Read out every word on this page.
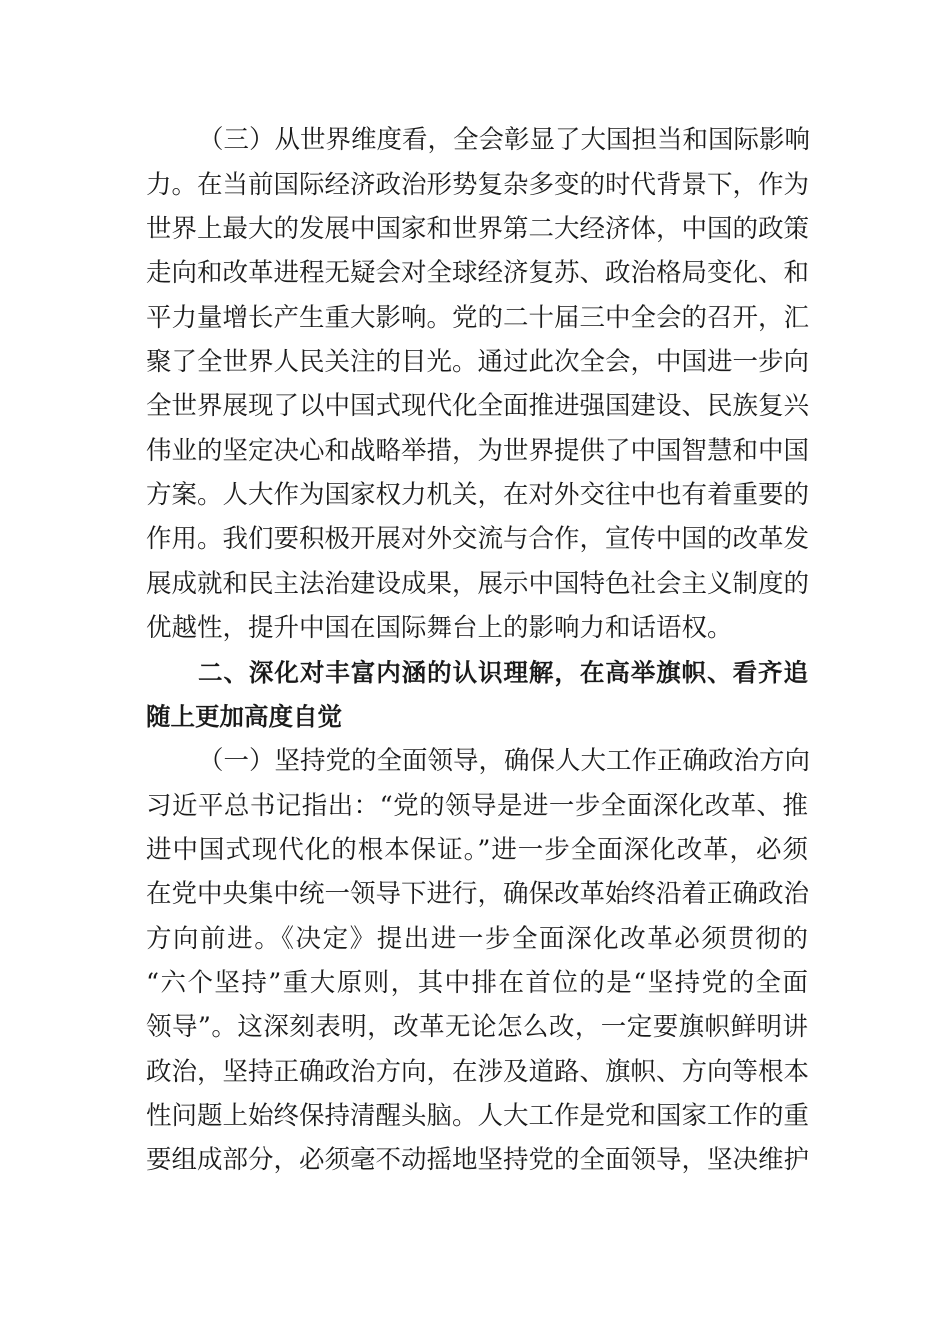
（三）从世界维度看，全会彰显了大国担当和国际影响
力。在当前国际经济政治形势复杂多变的时代背景下，作为
世界上最大的发展中国家和世界第二大经济体，中国的政策
走向和改革进程无疑会对全球经济复苏、政治格局变化、和
平力量增长产生重大影响。党的二十届三中全会的召开，汇
聚了全世界人民关注的目光。通过此次全会，中国进一步向
全世界展现了以中国式现代化全面推进强国建设、民族复兴
伟业的坚定决心和战略举措，为世界提供了中国智慧和中国
方案。人大作为国家权力机关，在对外交往中也有着重要的
作用。我们要积极开展对外交流与合作，宣传中国的改革发
展成就和民主法治建设成果，展示中国特色社会主义制度的
优越性，提升中国在国际舞台上的影响力和话语权。
二、深化对丰富内涵的认识理解，在高举旗帜、看齐追
随上更加高度自觉
（一）坚持党的全面领导，确保人大工作正确政治方向
习近平总书记指出：“党的领导是进一步全面深化改革、推
进中国式现代化的根本保证。”进一步全面深化改革，必须
在党中央集中统一领导下进行，确保改革始终沿着正确政治
方向前进。《决定》提出进一步全面深化改革必须贯彻的
“六个坚持”重大原则，其中排在首位的是“坚持党的全面
领导”。这深刻表明，改革无论怎么改，一定要旗帜鲜明讲
政治，坚持正确政治方向，在涉及道路、旗帜、方向等根本
性问题上始终保持清醒头脑。人大工作是党和国家工作的重
要组成部分，必须毫不动摇地坚持党的全面领导，坚决维护
